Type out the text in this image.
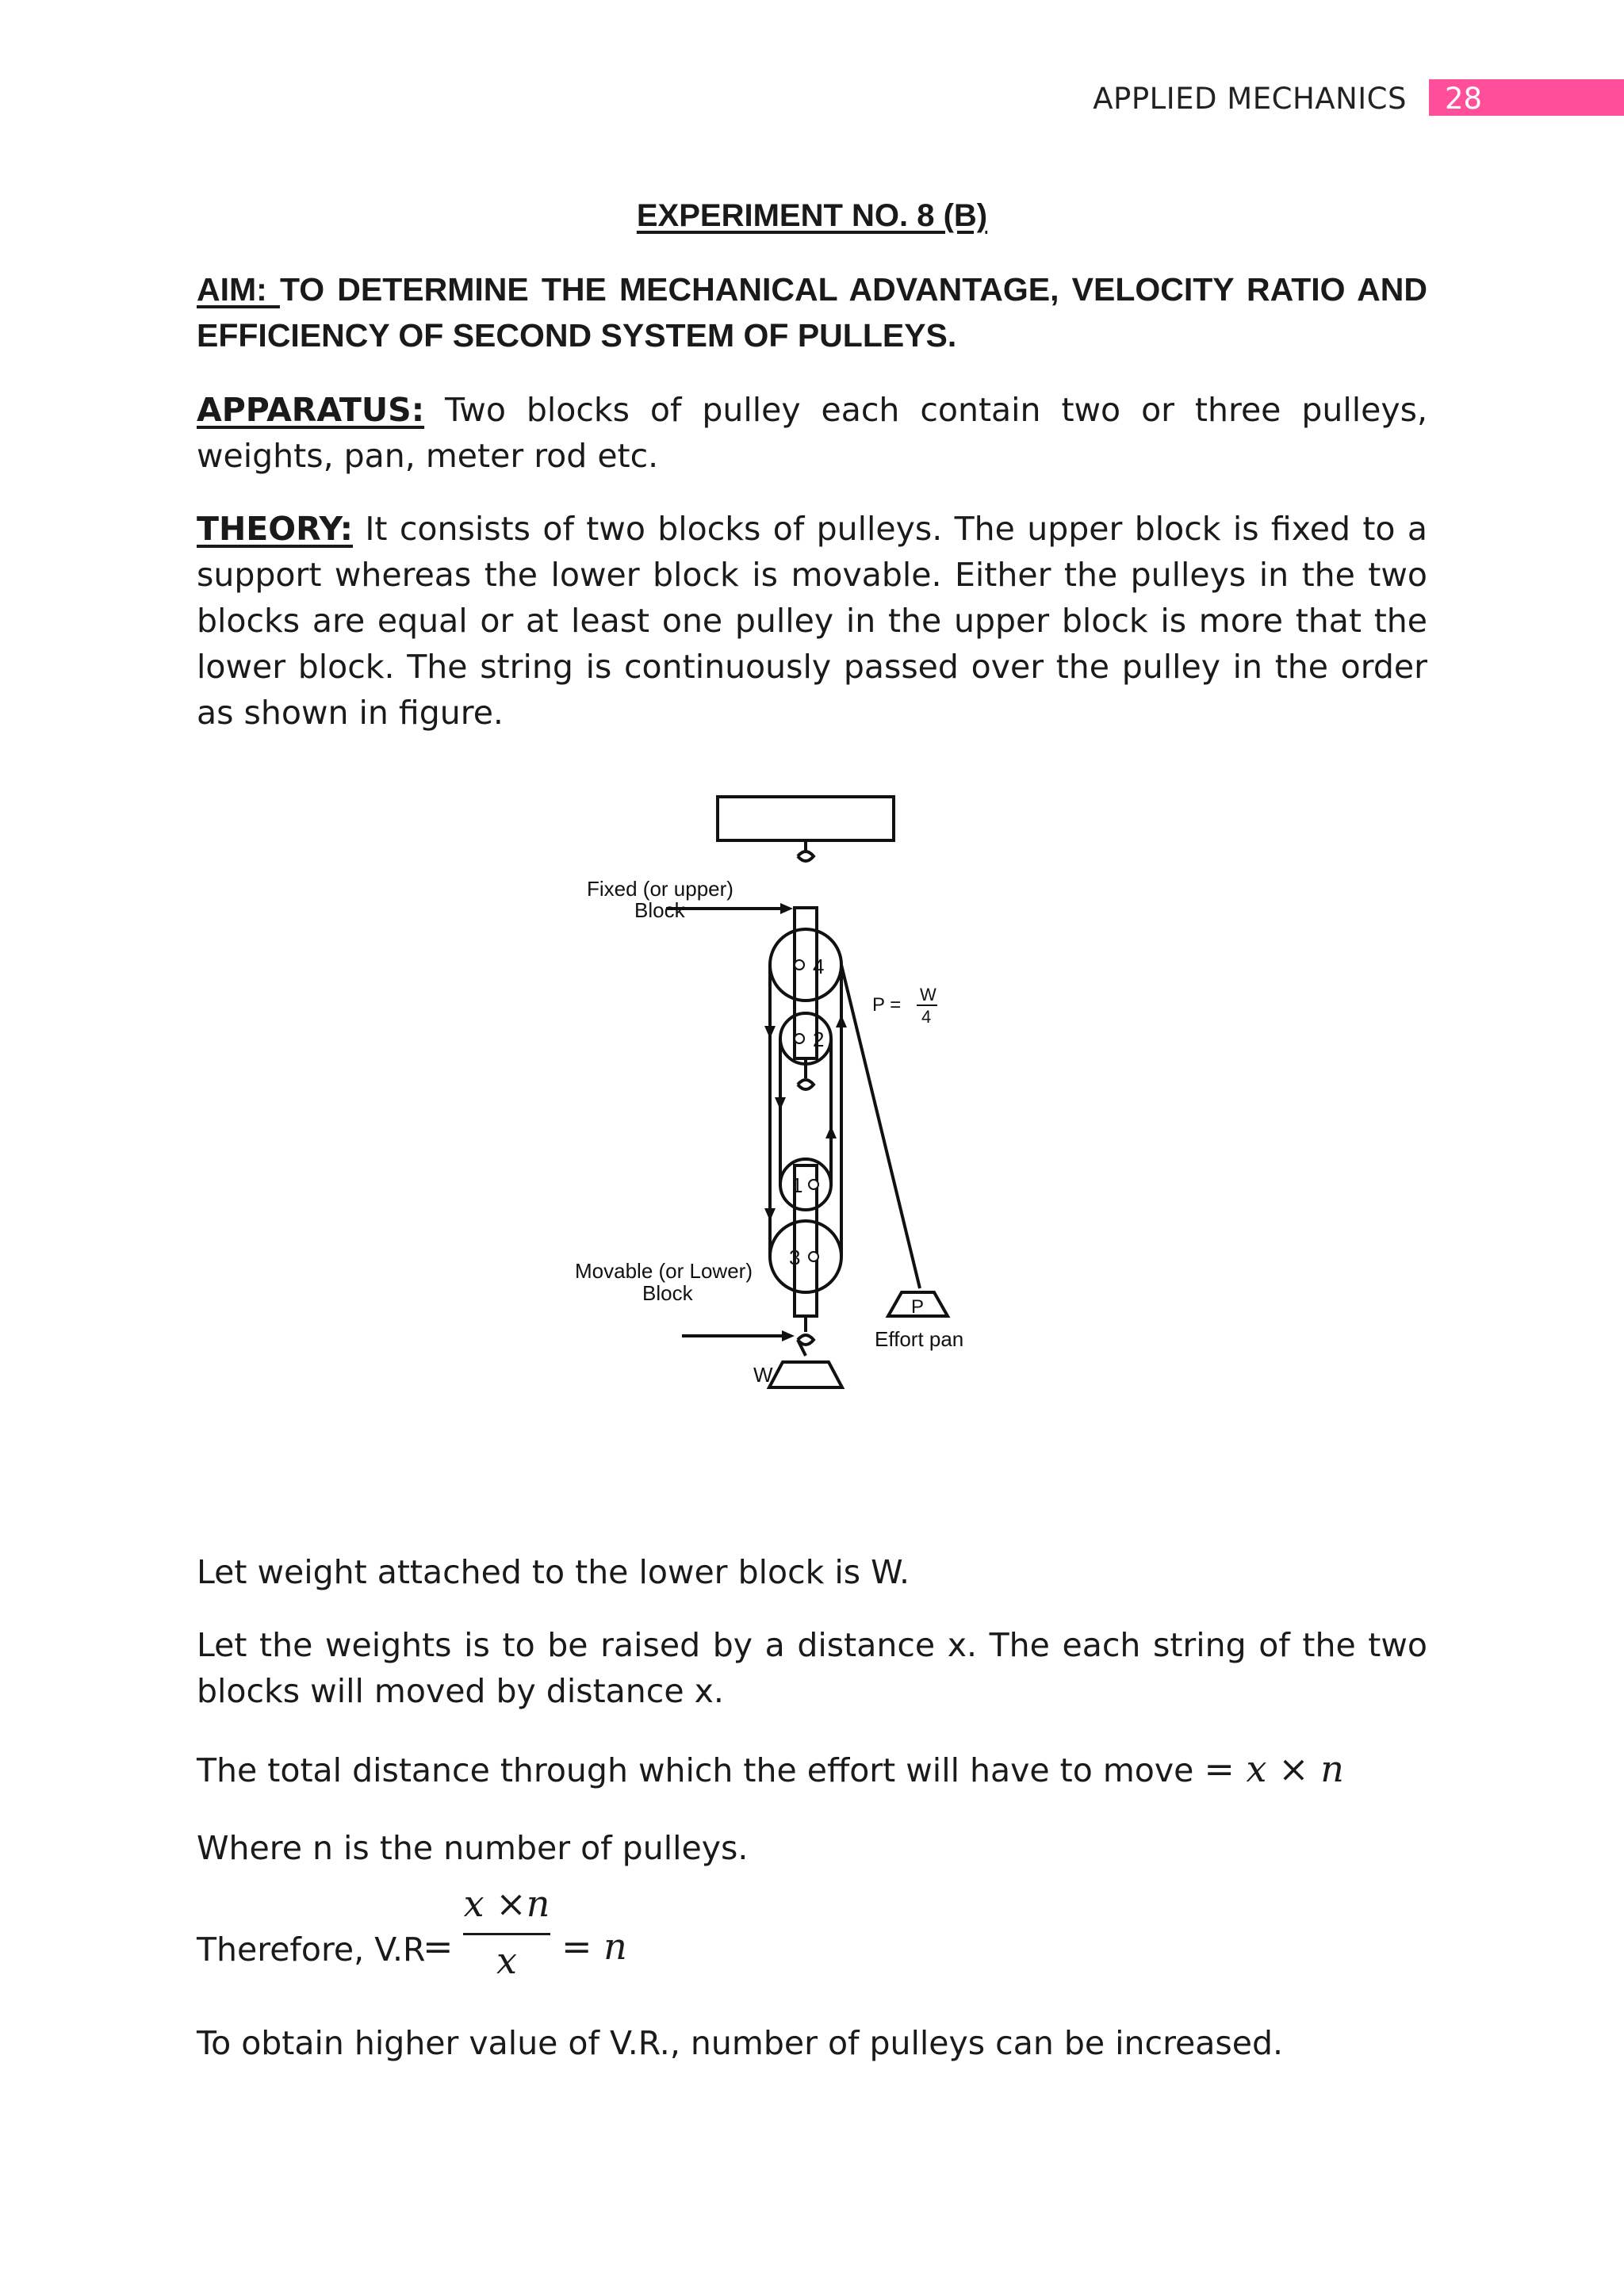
APPLIED MECHANICS 28
EXPERIMENT NO. 8 (B)
AIM: TO DETERMINE THE MECHANICAL ADVANTAGE, VELOCITY RATIO AND EFFICIENCY OF SECOND SYSTEM OF PULLEYS.
APPARATUS: Two blocks of pulley each contain two or three pulleys, weights, pan, meter rod etc.
THEORY: It consists of two blocks of pulleys. The upper block is fixed to a support whereas the lower block is movable. Either the pulleys in the two blocks are equal or at least one pulley in the upper block is more that the lower block. The string is continuously passed over the pulley in the order as shown in figure.
4
2
1
3
Fixed (or upper)
Block
Movable (or Lower)
Block
P = W
4
P
Effort pan
W
Let weight attached to the lower block is W.
Let the weights is to be raised by a distance x. The each string of the two blocks will moved by distance x.
The total distance through which the effort will have to move = x × n
Where n is the number of pulleys.
Therefore, V.R
=
x ×n
x	= n
To obtain higher value of V.R., number of pulleys can be increased.
